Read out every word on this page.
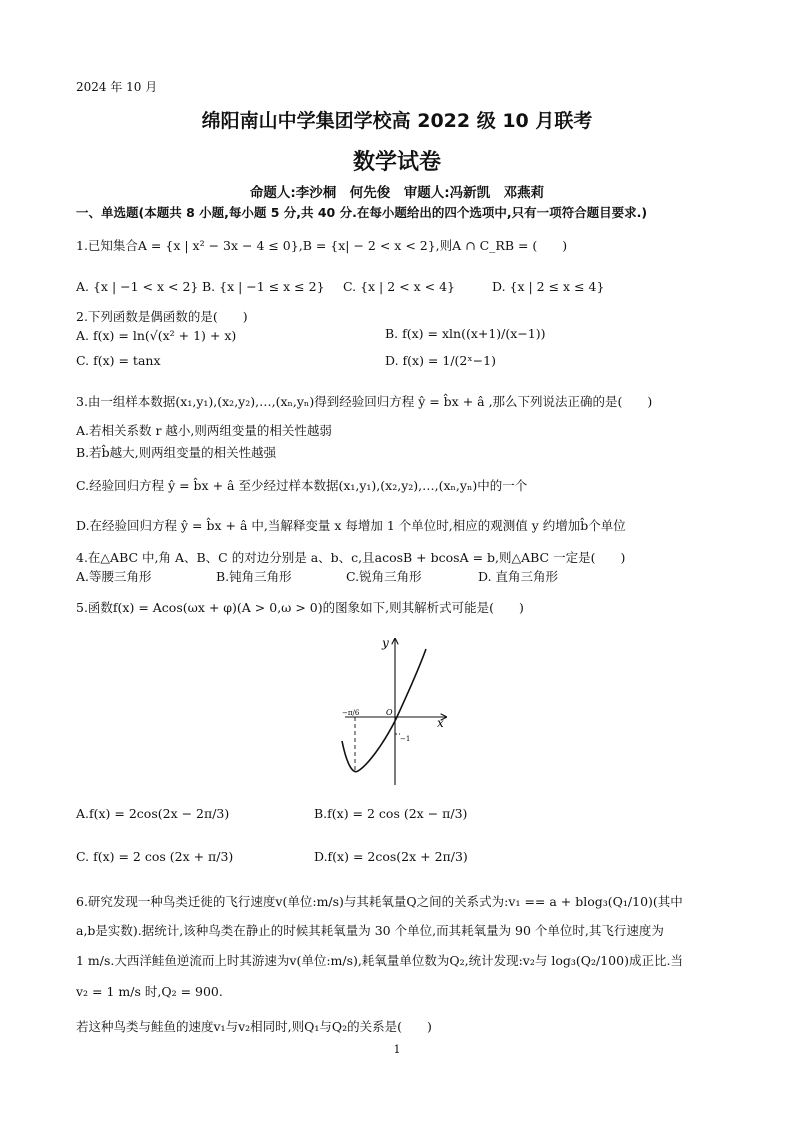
2024 年 10 月
绵阳南山中学集团学校高 2022 级 10 月联考
数学试卷
命题人:李沙桐　何先俊　审题人:冯新凯　邓燕莉
一、单选题(本题共 8 小题,每小题 5 分,共 40 分.在每小题给出的四个选项中,只有一项符合题目要求.)
1.已知集合A = {x | x² − 3x − 4 ≤ 0},B = {x| − 2 < x < 2},则A ∩ C_RB = (　　)
A. {x | −1 < x < 2} B. {x | −1 ≤ x ≤ 2} C. {x | 2 < x < 4}	D. {x | 2 ≤ x ≤ 4}
2.下列函数是偶函数的是(　　)
A. f(x) = ln(√(x² + 1) + x)	B. f(x) = xln((x+1)/(x−1))
C. f(x) = tanx	D. f(x) = 1/(2ˣ−1)
3.由一组样本数据(x₁,y₁),(x₂,y₂),…,(xₙ,yₙ)得到经验回归方程 ŷ = b̂x + â ,那么下列说法正确的是(　　)
A.若相关系数 r 越小,则两组变量的相关性越弱
B.若b̂越大,则两组变量的相关性越强
C.经验回归方程 ŷ = b̂x + â 至少经过样本数据(x₁,y₁),(x₂,y₂),…,(xₙ,yₙ)中的一个
D.在经验回归方程 ŷ = b̂x + â 中,当解释变量 x 每增加 1 个单位时,相应的观测值 y 约增加b̂个单位
4.在△ABC 中,角 A、B、C 的对边分别是 a、b、c,且acosB + bcosA = b,则△ABC 一定是(　　)
A.等腰三角形	B.钝角三角形	C.锐角三角形	D. 直角三角形
5.函数f(x) = Acos(ωx + φ)(A > 0,ω > 0)的图象如下,则其解析式可能是(　　)
y
x
O
−π/6
−1
A.f(x) = 2cos(2x − 2π/3)	B.f(x) = 2 cos (2x − π/3)
C. f(x) = 2 cos (2x + π/3)	D.f(x) = 2cos(2x + 2π/3)
6.研究发现一种鸟类迁徙的飞行速度v(单位:m/s)与其耗氧量Q之间的关系式为:v₁ == a + blog₃(Q₁/10)(其中
a,b是实数).据统计,该种鸟类在静止的时候其耗氧量为 30 个单位,而其耗氧量为 90 个单位时,其飞行速度为
1 m/s.大西洋鲑鱼逆流而上时其游速为v(单位:m/s),耗氧量单位数为Q₂,统计发现:v₂与 log₃(Q₂/100)成正比.当
v₂ = 1 m/s 时,Q₂ = 900.
若这种鸟类与鲑鱼的速度v₁与v₂相同时,则Q₁与Q₂的关系是(　　)
1
